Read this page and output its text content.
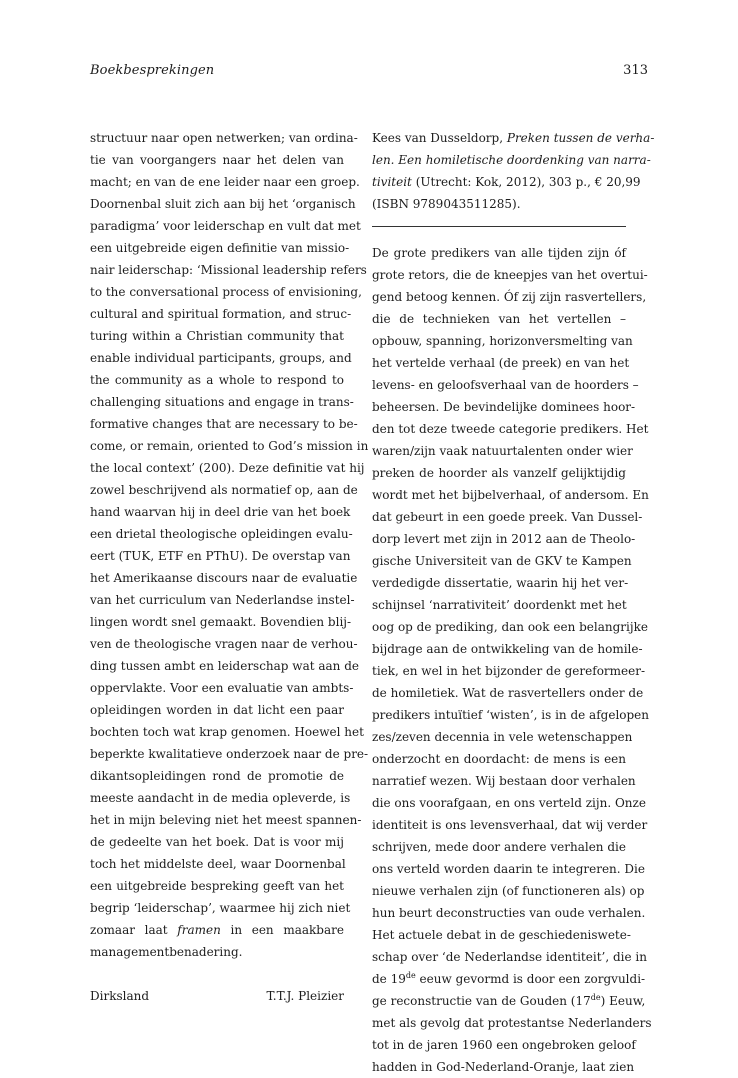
Boekbesprekingen	313
structuur naar open netwerken; van ordina-
tie van voorgangers naar het delen van
macht; en van de ene leider naar een groep.
Doornenbal sluit zich aan bij het ‘organisch
paradigma’ voor leiderschap en vult dat met
een uitgebreide eigen definitie van missio-
nair leiderschap: ‘Missional leadership refers
to the conversational process of envisioning,
cultural and spiritual formation, and struc-
turing within a Christian community that
enable individual participants, groups, and
the community as a whole to respond to
challenging situations and engage in trans-
formative changes that are necessary to be-
come, or remain, oriented to God’s mission in
the local context’ (200). Deze definitie vat hij
zowel beschrijvend als normatief op, aan de
hand waarvan hij in deel drie van het boek
een drietal theologische opleidingen evalu-
eert (TUK, ETF en PThU). De overstap van
het Amerikaanse discours naar de evaluatie
van het curriculum van Nederlandse instel-
lingen wordt snel gemaakt. Bovendien blij-
ven de theologische vragen naar de verhou-
ding tussen ambt en leiderschap wat aan de
oppervlakte. Voor een evaluatie van ambts-
opleidingen worden in dat licht een paar
bochten toch wat krap genomen. Hoewel het
beperkte kwalitatieve onderzoek naar de pre-
dikantsopleidingen rond de promotie de
meeste aandacht in de media opleverde, is
het in mijn beleving niet het meest spannen-
de gedeelte van het boek. Dat is voor mij
toch het middelste deel, waar Doornenbal
een uitgebreide bespreking geeft van het
begrip ‘leiderschap’, waarmee hij zich niet
zomaar laat framen in een maakbare
managementbenadering.
Dirksland	T.T.J. Pleizier
Kees van Dusseldorp, Preken tussen de verha-
len. Een homiletische doordenking van narra-
tiviteit (Utrecht: Kok, 2012), 303 p., € 20,99
(ISBN 9789043511285).
De grote predikers van alle tijden zijn óf
grote retors, die de kneepjes van het overtui-
gend betoog kennen. Óf zij zijn rasvertellers,
die de technieken van het vertellen –
opbouw, spanning, horizonversmelting van
het vertelde verhaal (de preek) en van het
levens- en geloofsverhaal van de hoorders –
beheersen. De bevindelijke dominees hoor-
den tot deze tweede categorie predikers. Het
waren/zijn vaak natuurtalenten onder wier
preken de hoorder als vanzelf gelijktijdig
wordt met het bijbelverhaal, of andersom. En
dat gebeurt in een goede preek. Van Dussel-
dorp levert met zijn in 2012 aan de Theolo-
gische Universiteit van de GKV te Kampen
verdedigde dissertatie, waarin hij het ver-
schijnsel ‘narrativiteit’ doordenkt met het
oog op de prediking, dan ook een belangrijke
bijdrage aan de ontwikkeling van de homile-
tiek, en wel in het bijzonder de gereformeer-
de homiletiek. Wat de rasvertellers onder de
predikers intuïtief ‘wisten’, is in de afgelopen
zes/zeven decennia in vele wetenschappen
onderzocht en doordacht: de mens is een
narratief wezen. Wij bestaan door verhalen
die ons voorafgaan, en ons verteld zijn. Onze
identiteit is ons levensverhaal, dat wij verder
schrijven, mede door andere verhalen die
ons verteld worden daarin te integreren. Die
nieuwe verhalen zijn (of functioneren als) op
hun beurt deconstructies van oude verhalen.
Het actuele debat in de geschiedeniswete-
schap over ‘de Nederlandse identiteit’, die in
de 19de eeuw gevormd is door een zorgvuldi-
ge reconstructie van de Gouden (17de) Eeuw,
met als gevolg dat protestantse Nederlanders
tot in de jaren 1960 een ongebroken geloof
hadden in God-Nederland-Oranje, laat zien
